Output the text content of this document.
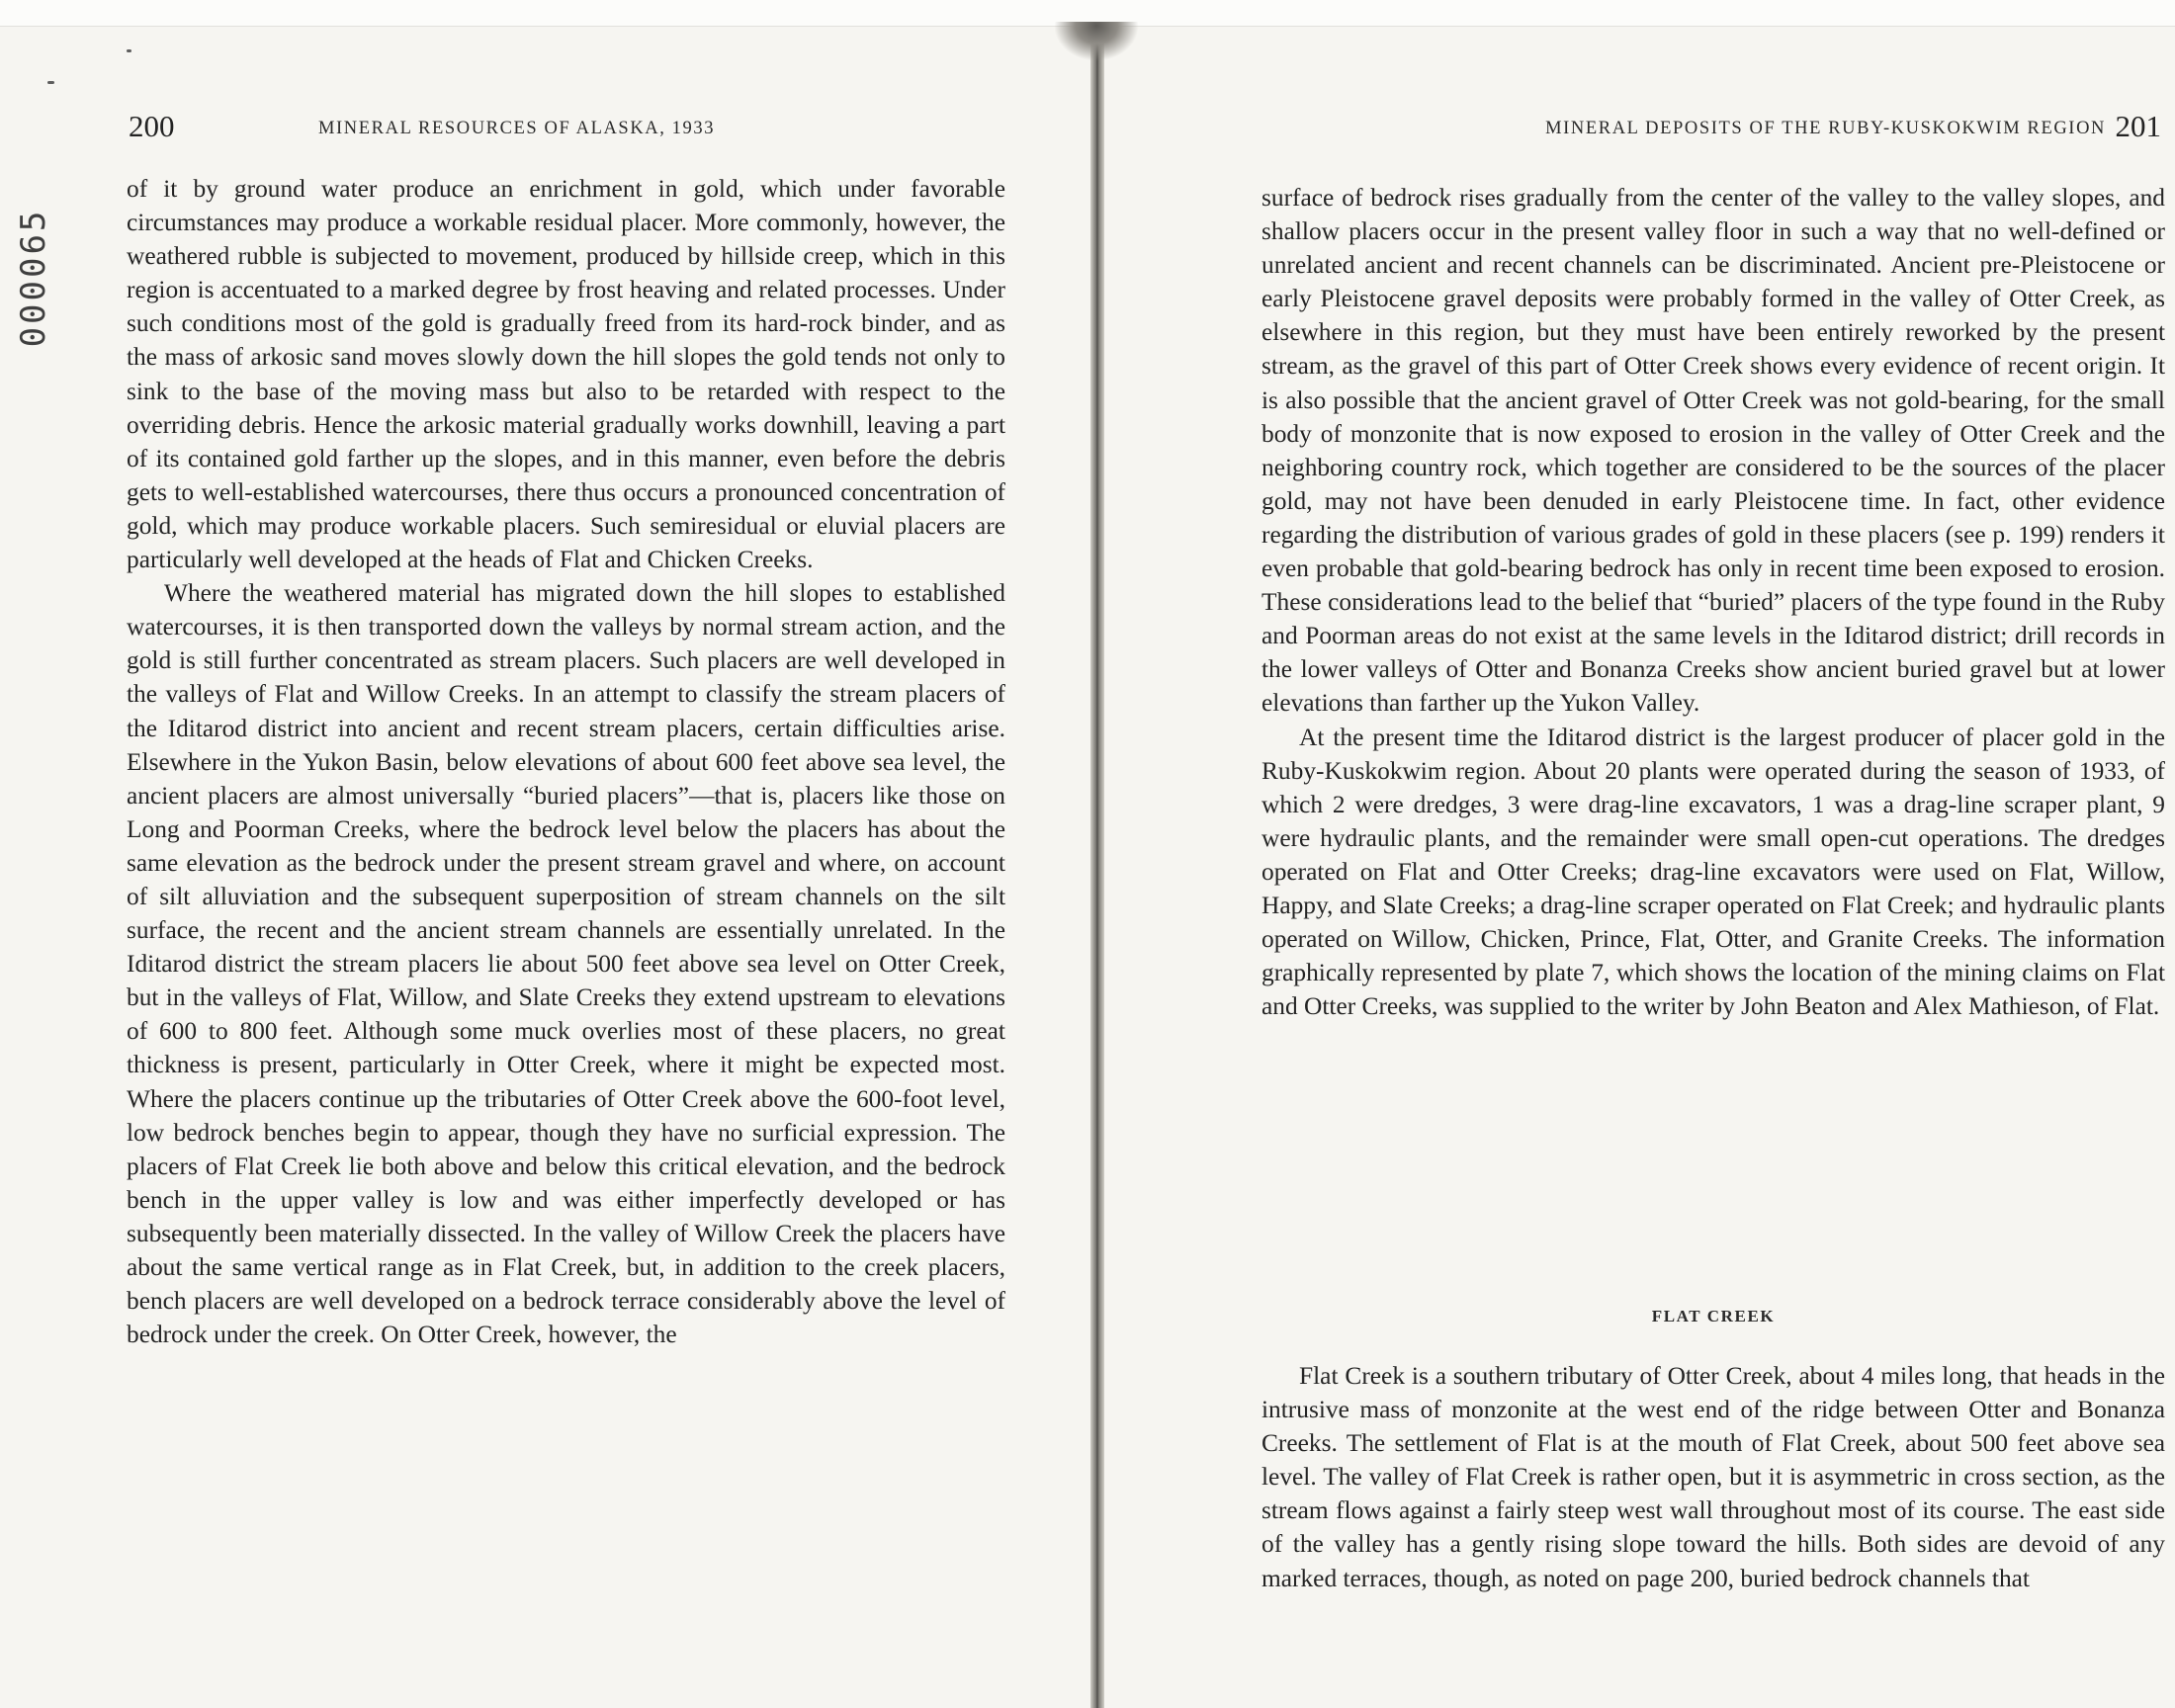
000065
200	MINERAL RESOURCES OF ALASKA, 1933

of it by ground water produce an enrichment in gold, which under favorable circumstances may produce a workable residual placer. More commonly, however, the weathered rubble is subjected to movement, produced by hillside creep, which in this region is accentuated to a marked degree by frost heaving and related processes. Under such conditions most of the gold is gradually freed from its hard-rock binder, and as the mass of arkosic sand moves slowly down the hill slopes the gold tends not only to sink to the base of the moving mass but also to be retarded with respect to the overriding debris. Hence the arkosic material gradually works downhill, leaving a part of its contained gold farther up the slopes, and in this manner, even before the debris gets to well-established watercourses, there thus occurs a pronounced concentration of gold, which may produce workable placers. Such semiresidual or eluvial placers are particularly well developed at the heads of Flat and Chicken Creeks.

Where the weathered material has migrated down the hill slopes to established watercourses, it is then transported down the valleys by normal stream action, and the gold is still further concentrated as stream placers. Such placers are well developed in the valleys of Flat and Willow Creeks. In an attempt to classify the stream placers of the Iditarod district into ancient and recent stream placers, certain difficulties arise. Elsewhere in the Yukon Basin, below elevations of about 600 feet above sea level, the ancient placers are almost universally “buried placers”—that is, placers like those on Long and Poorman Creeks, where the bedrock level below the placers has about the same elevation as the bedrock under the present stream gravel and where, on account of silt alluviation and the subsequent superposition of stream channels on the silt surface, the recent and the ancient stream channels are essentially unrelated. In the Iditarod district the stream placers lie about 500 feet above sea level on Otter Creek, but in the valleys of Flat, Willow, and Slate Creeks they extend upstream to elevations of 600 to 800 feet. Although some muck overlies most of these placers, no great thickness is present, particularly in Otter Creek, where it might be expected most. Where the placers continue up the tributaries of Otter Creek above the 600-foot level, low bedrock benches begin to appear, though they have no surficial expression. The placers of Flat Creek lie both above and below this critical elevation, and the bedrock bench in the upper valley is low and was either imperfectly developed or has subsequently been materially dissected. In the valley of Willow Creek the placers have about the same vertical range as in Flat Creek, but, in addition to the creek placers, bench placers are well developed on a bedrock terrace considerably above the level of bedrock under the creek. On Otter Creek, however, the

MINERAL DEPOSITS OF THE RUBY-KUSKOKWIM REGION 201

surface of bedrock rises gradually from the center of the valley to the valley slopes, and shallow placers occur in the present valley floor in such a way that no well-defined or unrelated ancient and recent channels can be discriminated. Ancient pre-Pleistocene or early Pleistocene gravel deposits were probably formed in the valley of Otter Creek, as elsewhere in this region, but they must have been entirely reworked by the present stream, as the gravel of this part of Otter Creek shows every evidence of recent origin. It is also possible that the ancient gravel of Otter Creek was not gold-bearing, for the small body of monzonite that is now exposed to erosion in the valley of Otter Creek and the neighboring country rock, which together are considered to be the sources of the placer gold, may not have been denuded in early Pleistocene time. In fact, other evidence regarding the distribution of various grades of gold in these placers (see p. 199) renders it even probable that gold-bearing bedrock has only in recent time been exposed to erosion. These considerations lead to the belief that “buried” placers of the type found in the Ruby and Poorman areas do not exist at the same levels in the Iditarod district; drill records in the lower valleys of Otter and Bonanza Creeks show ancient buried gravel but at lower elevations than farther up the Yukon Valley.

At the present time the Iditarod district is the largest producer of placer gold in the Ruby-Kuskokwim region. About 20 plants were operated during the season of 1933, of which 2 were dredges, 3 were drag-line excavators, 1 was a drag-line scraper plant, 9 were hydraulic plants, and the remainder were small open-cut operations. The dredges operated on Flat and Otter Creeks; drag-line excavators were used on Flat, Willow, Happy, and Slate Creeks; a drag-line scraper operated on Flat Creek; and hydraulic plants operated on Willow, Chicken, Prince, Flat, Otter, and Granite Creeks. The information graphically represented by plate 7, which shows the location of the mining claims on Flat and Otter Creeks, was supplied to the writer by John Beaton and Alex Mathieson, of Flat.

FLAT CREEK

Flat Creek is a southern tributary of Otter Creek, about 4 miles long, that heads in the intrusive mass of monzonite at the west end of the ridge between Otter and Bonanza Creeks. The settlement of Flat is at the mouth of Flat Creek, about 500 feet above sea level. The valley of Flat Creek is rather open, but it is asymmetric in cross section, as the stream flows against a fairly steep west wall throughout most of its course. The east side of the valley has a gently rising slope toward the hills. Both sides are devoid of any marked terraces, though, as noted on page 200, buried bedrock channels that
